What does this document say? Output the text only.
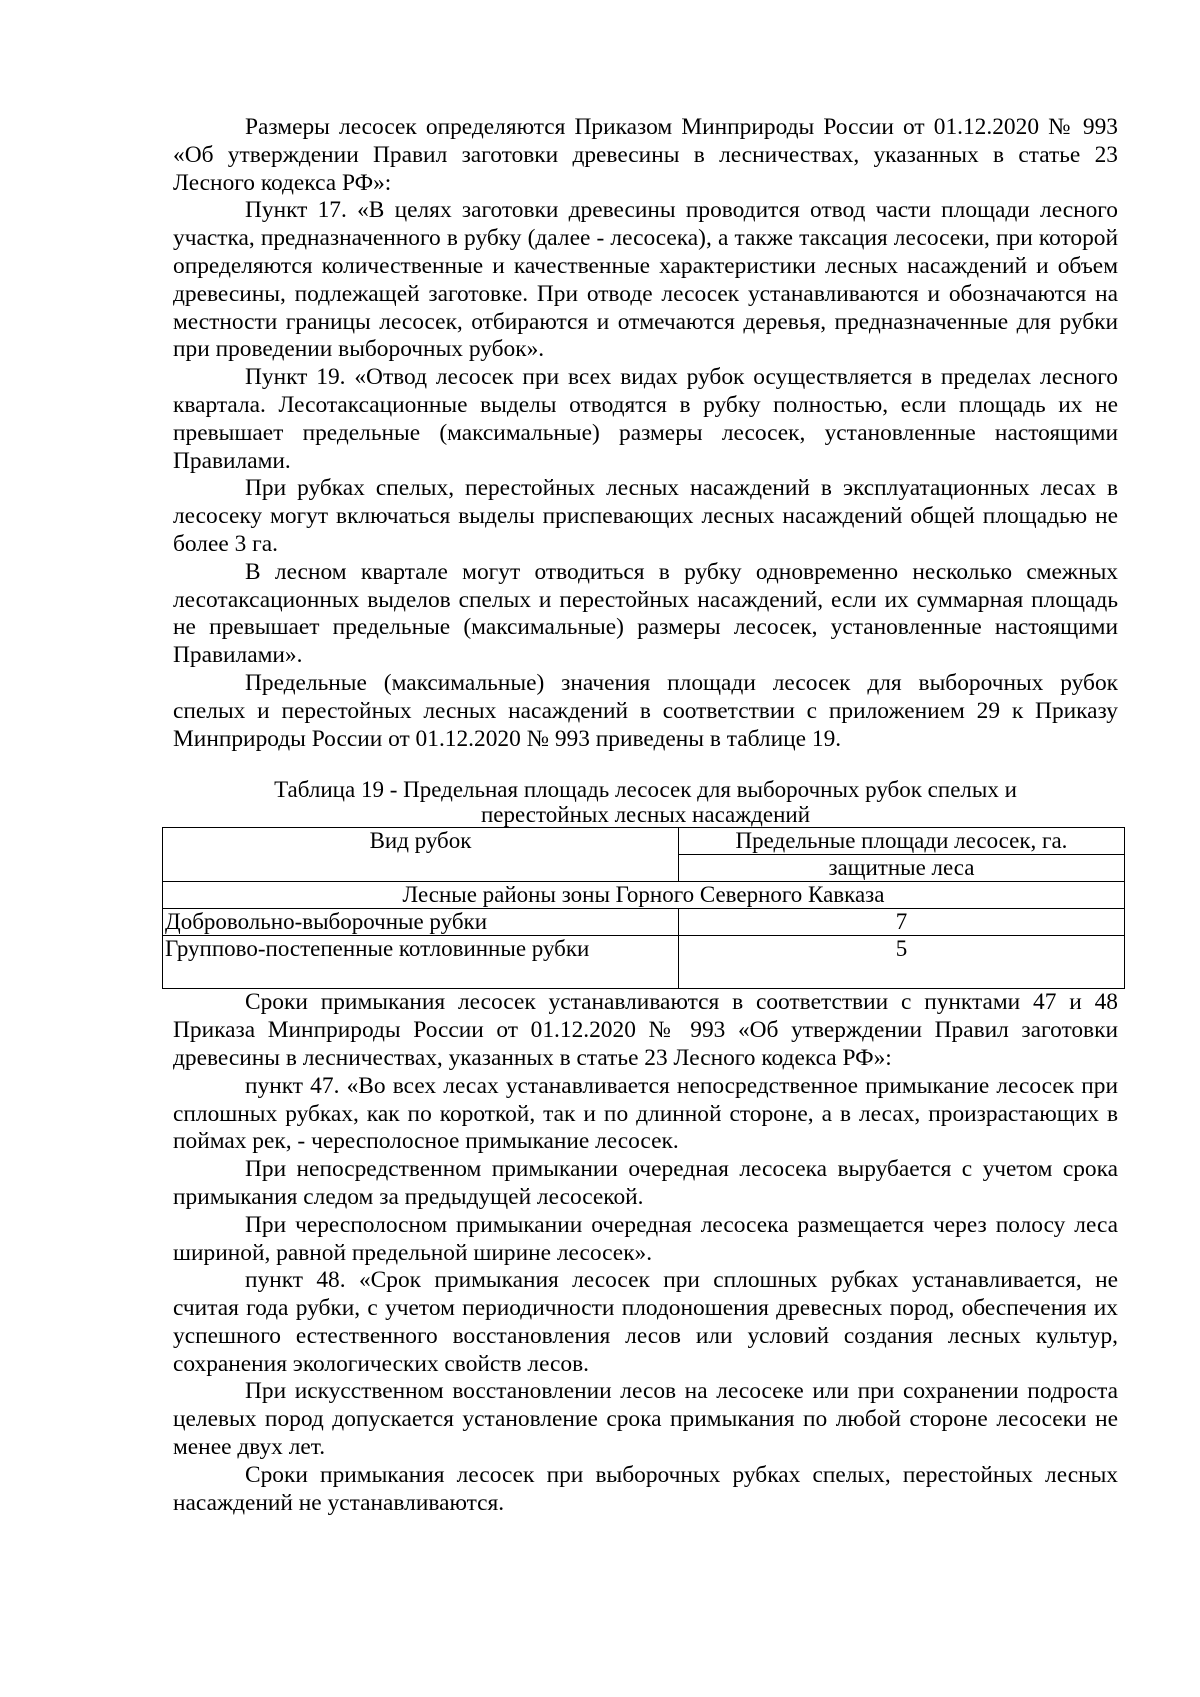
Размеры лесосек определяются Приказом Минприроды России от 01.12.2020 № 993 «Об утверждении Правил заготовки древесины в лесничествах, указанных в статье 23 Лесного кодекса РФ»:

Пункт 17. «В целях заготовки древесины проводится отвод части площади лесного участка, предназначенного в рубку (далее - лесосека), а также таксация лесосеки, при которой определяются количественные и качественные характеристики лесных насаждений и объем древесины, подлежащей заготовке. При отводе лесосек устанавливаются и обозначаются на местности границы лесосек, отбираются и отмечаются деревья, предназначенные для рубки при проведении выборочных рубок».

Пункт 19. «Отвод лесосек при всех видах рубок осуществляется в пределах лесного квартала. Лесотаксационные выделы отводятся в рубку полностью, если площадь их не превышает предельные (максимальные) размеры лесосек, установленные настоящими Правилами.

При рубках спелых, перестойных лесных насаждений в эксплуатационных лесах в лесосеку могут включаться выделы приспевающих лесных насаждений общей площадью не более 3 га.

В лесном квартале могут отводиться в рубку одновременно несколько смежных лесотаксационных выделов спелых и перестойных насаждений, если их суммарная площадь не превышает предельные (максимальные) размеры лесосек, установленные настоящими Правилами».

Предельные (максимальные) значения площади лесосек для выборочных рубок спелых и перестойных лесных насаждений в соответствии с приложением 29 к Приказу Минприроды России от 01.12.2020 № 993 приведены в таблице 19.

Таблица 19 - Предельная площадь лесосек для выборочных рубок спелых и
перестойных лесных насаждений
Вид рубок	Предельные площади лесосек, га.
	защитные леса
Лесные районы зоны Горного Северного Кавказа	
Добровольно-выборочные рубки	7
Группово-постепенные котловинные рубки	5

Сроки примыкания лесосек устанавливаются в соответствии с пунктами 47 и 48 Приказа Минприроды России от 01.12.2020 № 993 «Об утверждении Правил заготовки древесины в лесничествах, указанных в статье 23 Лесного кодекса РФ»:

пункт 47. «Во всех лесах устанавливается непосредственное примыкание лесосек при сплошных рубках, как по короткой, так и по длинной стороне, а в лесах, произрастающих в поймах рек, - чересполосное примыкание лесосек.

При непосредственном примыкании очередная лесосека вырубается с учетом срока примыкания следом за предыдущей лесосекой.

При чересполосном примыкании очередная лесосека размещается через полосу леса шириной, равной предельной ширине лесосек».

пункт 48. «Срок примыкания лесосек при сплошных рубках устанавливается, не считая года рубки, с учетом периодичности плодоношения древесных пород, обеспечения их успешного естественного восстановления лесов или условий создания лесных культур, сохранения экологических свойств лесов.

При искусственном восстановлении лесов на лесосеке или при сохранении подроста целевых пород допускается установление срока примыкания по любой стороне лесосеки не менее двух лет.

Сроки примыкания лесосек при выборочных рубках спелых, перестойных лесных насаждений не устанавливаются.
